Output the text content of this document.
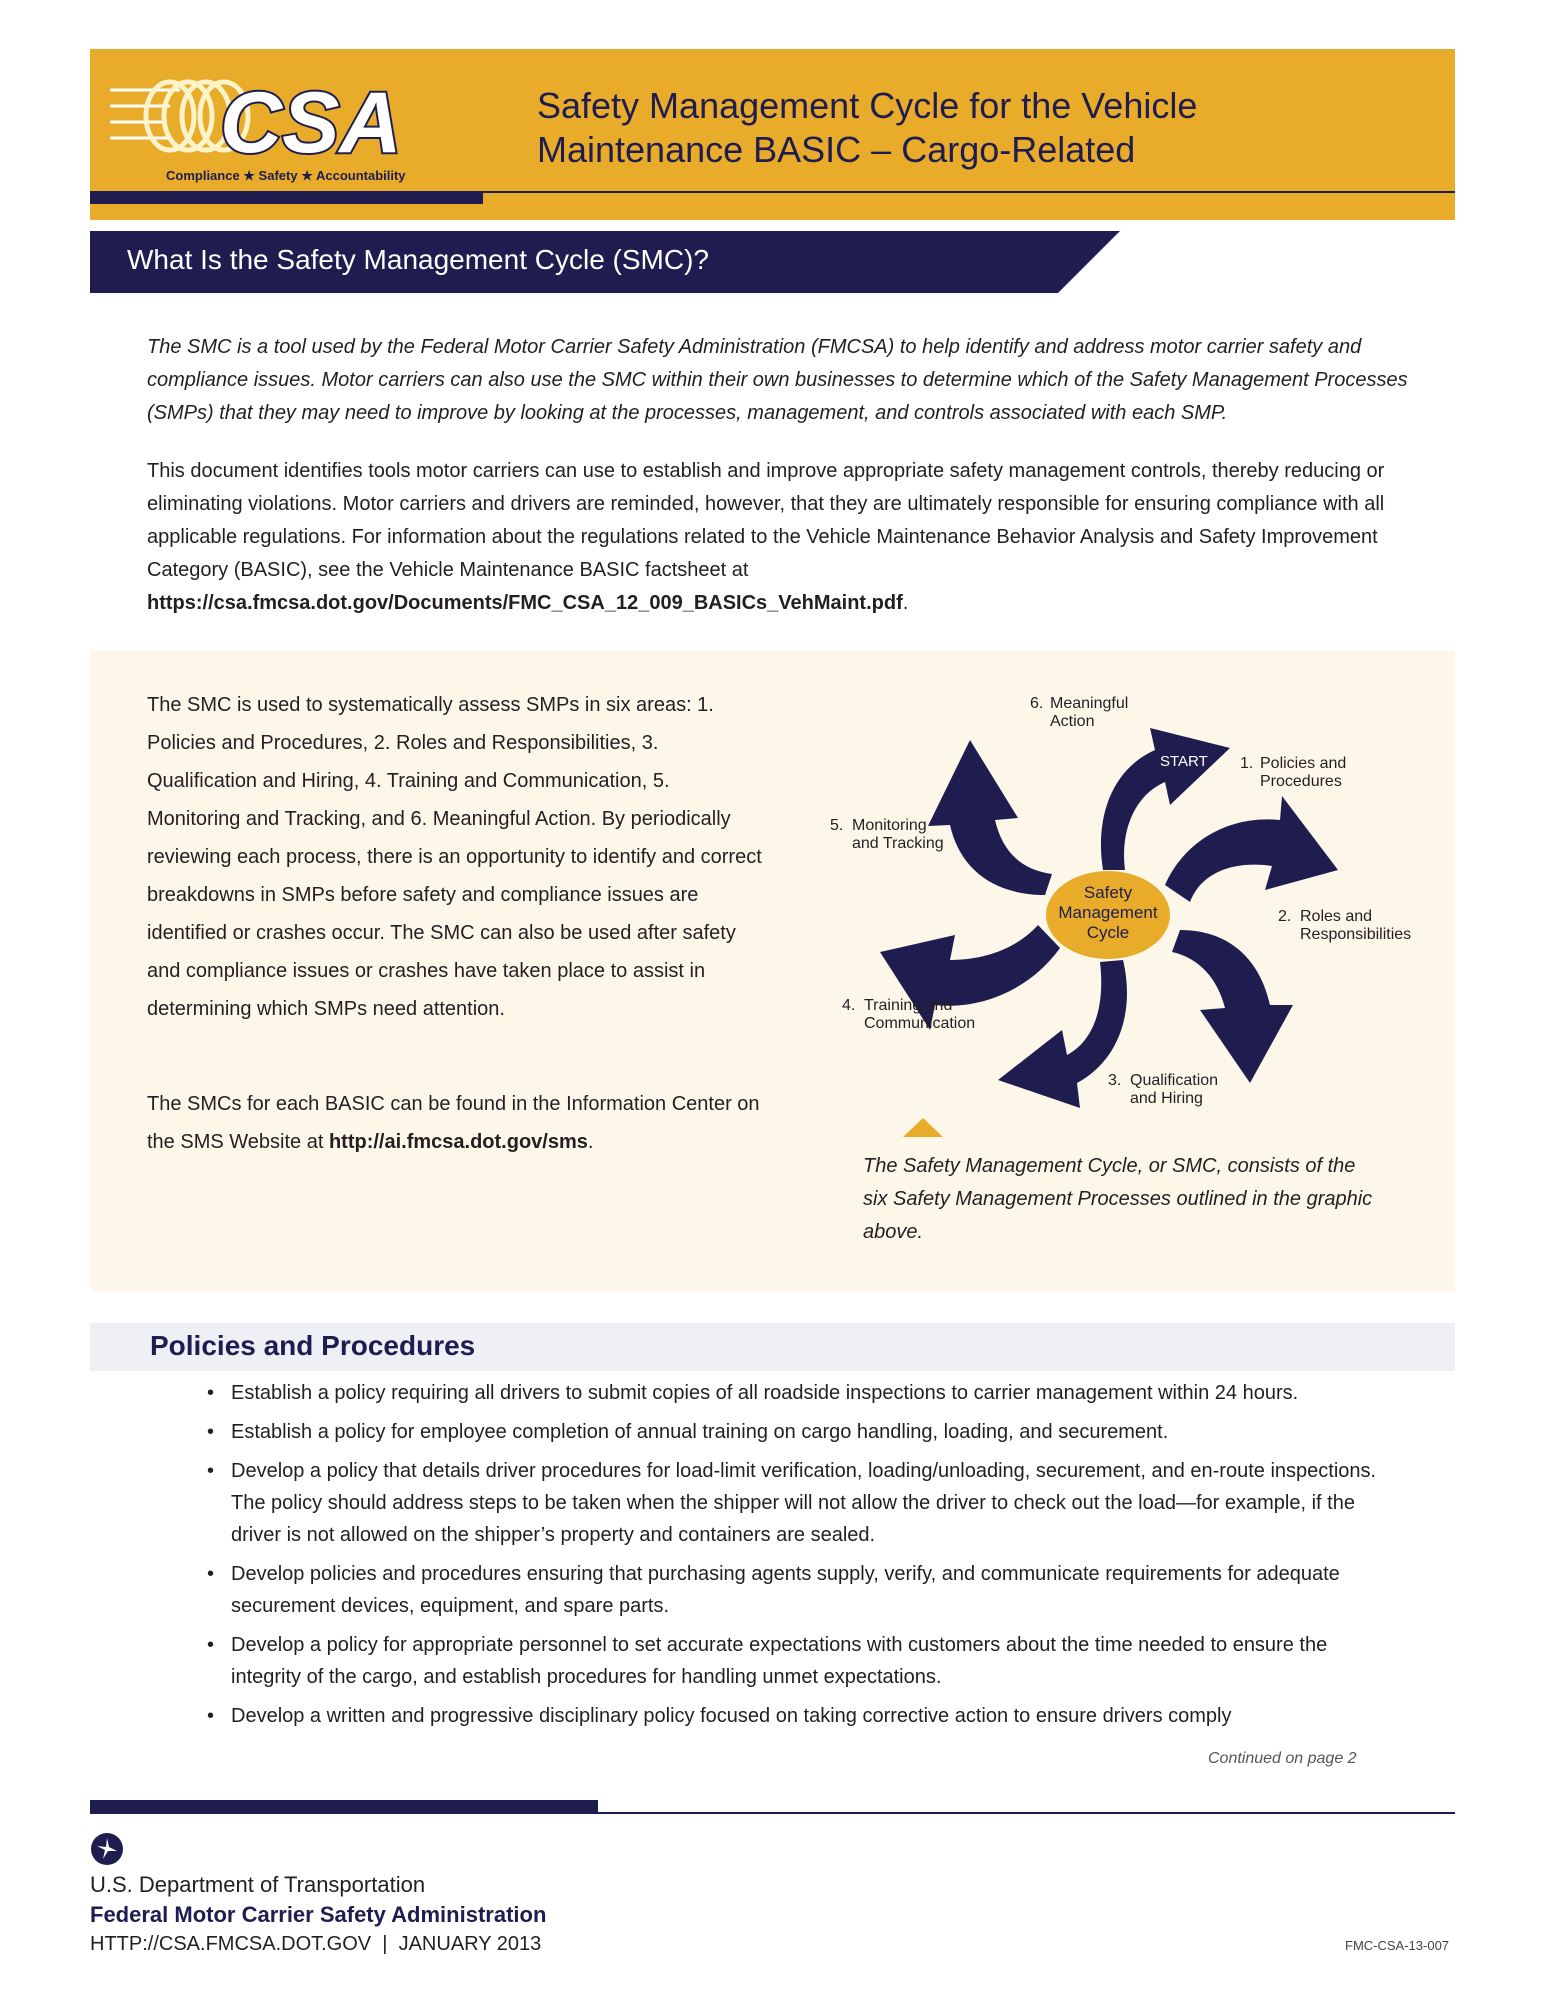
CSA
Compliance ★ Safety ★ Accountability
Safety Management Cycle for the Vehicle
Maintenance BASIC – Cargo-Related
What Is the Safety Management Cycle (SMC)?
The SMC is a tool used by the Federal Motor Carrier Safety Administration (FMCSA) to help identify and address motor carrier safety and compliance issues. Motor carriers can also use the SMC within their own businesses to determine which of the Safety Management Processes (SMPs) that they may need to improve by looking at the processes, management, and controls associated with each SMP.
This document identifies tools motor carriers can use to establish and improve appropriate safety management controls, thereby reducing or eliminating violations. Motor carriers and drivers are reminded, however, that they are ultimately responsible for ensuring compliance with all applicable regulations. For information about the regulations related to the Vehicle Maintenance Behavior Analysis and Safety Improvement Category (BASIC), see the Vehicle Maintenance BASIC factsheet at https://csa.fmcsa.dot.gov/Documents/FMC_CSA_12_009_BASICs_VehMaint.pdf.
The SMC is used to systematically assess SMPs in six areas: 1. Policies and Procedures, 2. Roles and Responsibilities, 3. Qualification and Hiring, 4. Training and Communication, 5. Monitoring and Tracking, and 6. Meaningful Action. By periodically reviewing each process, there is an opportunity to identify and correct breakdowns in SMPs before safety and compliance issues are identified or crashes occur. The SMC can also be used after safety and compliance issues or crashes have taken place to assist in determining which SMPs need attention.
The SMCs for each BASIC can be found in the Information Center on the SMS Website at http://ai.fmcsa.dot.gov/sms.
Safety
Management
Cycle
START 1. Policies and
Procedures
2. Roles and
Responsibilities
3. Qualification
and Hiring
4. Training and
Communication
5. Monitoring
and Tracking
6. Meaningful
Action
The Safety Management Cycle, or SMC, consists of the six Safety Management Processes outlined in the graphic above.
Policies and Procedures
• Establish a policy requiring all drivers to submit copies of all roadside inspections to carrier management within 24 hours.
• Establish a policy for employee completion of annual training on cargo handling, loading, and securement.
• Develop a policy that details driver procedures for load-limit verification, loading/unloading, securement, and en-route inspections. The policy should address steps to be taken when the shipper will not allow the driver to check out the load—for example, if the driver is not allowed on the shipper’s property and containers are sealed.
• Develop policies and procedures ensuring that purchasing agents supply, verify, and communicate requirements for adequate securement devices, equipment, and spare parts.
• Develop a policy for appropriate personnel to set accurate expectations with customers about the time needed to ensure the integrity of the cargo, and establish procedures for handling unmet expectations.
• Develop a written and progressive disciplinary policy focused on taking corrective action to ensure drivers comply
Continued on page 2
U.S. Department of Transportation
Federal Motor Carrier Safety Administration
HTTP://CSA.FMCSA.DOT.GOV | JANUARY 2013	FMC-CSA-13-007
